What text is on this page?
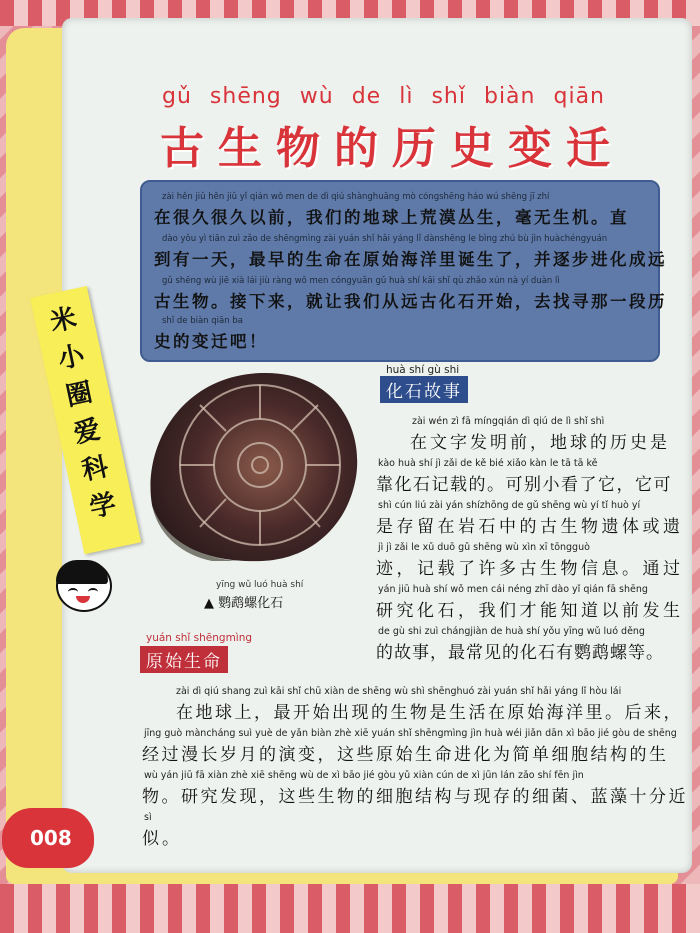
gǔ shēng wù de lì shǐ biàn qiān
古生物的历史变迁
zài hěn jiǔ hěn jiǔ yǐ qián wǒ men de dì qiú shànghuāng mò cóngshēng háo wú shēng jī zhí
在很久很久以前，我们的地球上荒漠丛生，毫无生机。直
dào yǒu yì tiān zuì zǎo de shēngmìng zài yuán shǐ hǎi yáng lǐ dànshēng le bìng zhú bù jìn huàchéngyuán
到有一天，最早的生命在原始海洋里诞生了，并逐步进化成远
gǔ shēng wù jiē xià lái jiù ràng wǒ men cóngyuǎn gǔ huà shí kāi shǐ qù zhǎo xún nà yí duàn lì
古生物。接下来，就让我们从远古化石开始，去找寻那一段历
shǐ de biàn qiān ba
史的变迁吧！
米小圈爱科学
yīng wǔ luó huà shí
▲ 鹦鹉螺化石
huà shí gù shi
化石故事
zài wén zì fā míngqián dì qiú de lì shǐ shì
在文字发明前，地球的历史是
kào huà shí jì zǎi de kě bié xiǎo kàn le tā tā kě
靠化石记载的。可别小看了它，它可
shì cún liú zài yán shízhōng de gǔ shēng wù yí tǐ huò yí
是存留在岩石中的古生物遗体或遗
jì jì zǎi le xǔ duō gǔ shēng wù xìn xī tōngguò
迹，记载了许多古生物信息。通过
yán jiū huà shí wǒ men cái néng zhī dào yǐ qián fā shēng
研究化石，我们才能知道以前发生
de gù shi zuì chángjiàn de huà shí yǒu yīng wǔ luó děng
的故事，最常见的化石有鹦鹉螺等。
yuán shǐ shēngmìng
原始生命
zài dì qiú shang zuì kāi shǐ chū xiàn de shēng wù shì shēnghuó zài yuán shǐ hǎi yáng lǐ hòu lái
在地球上，最开始出现的生物是生活在原始海洋里。后来，
jīng guò màncháng suì yuè de yǎn biàn zhè xiē yuán shǐ shēngmìng jìn huà wéi jiǎn dān xì bāo jié gòu de shēng
经过漫长岁月的演变，这些原始生命进化为简单细胞结构的生
wù yán jiū fā xiàn zhè xiē shēng wù de xì bāo jié gòu yǔ xiàn cún de xì jūn lán zǎo shí fēn jìn
物。研究发现，这些生物的细胞结构与现存的细菌、蓝藻十分近
sì
似。
008
